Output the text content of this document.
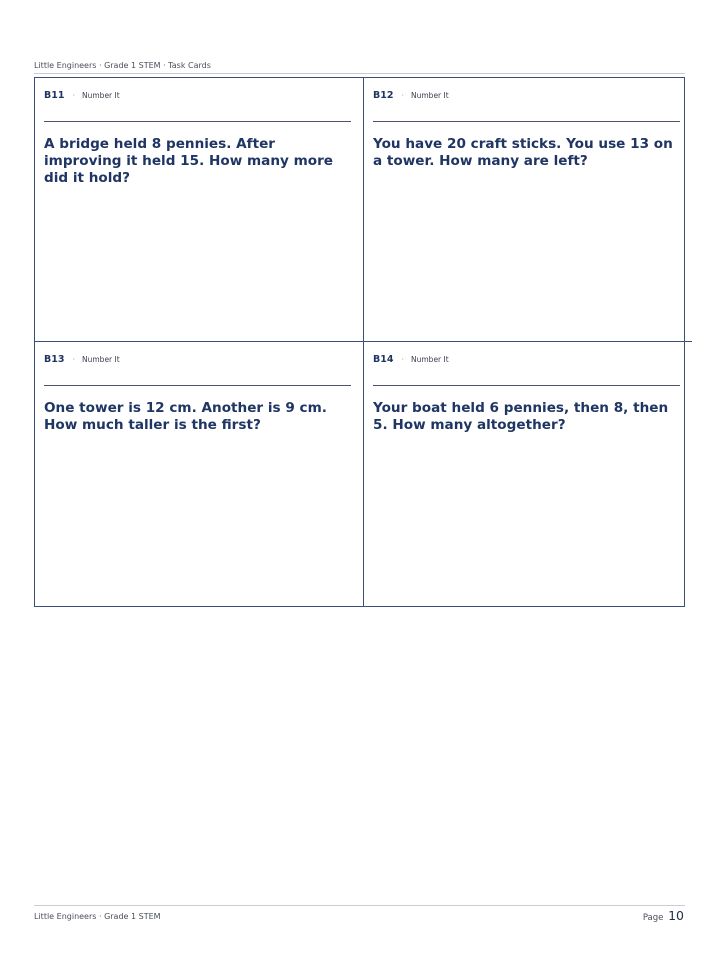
Little Engineers · Grade 1 STEM · Task Cards
B11 · Number It
A bridge held 8 pennies. After improving it held 15. How many more did it hold?
B12 · Number It
You have 20 craft sticks. You use 13 on a tower. How many are left?
B13 · Number It
One tower is 12 cm. Another is 9 cm. How much taller is the first?
B14 · Number It
Your boat held 6 pennies, then 8, then 5. How many altogether?
Little Engineers · Grade 1 STEM	Page 10
